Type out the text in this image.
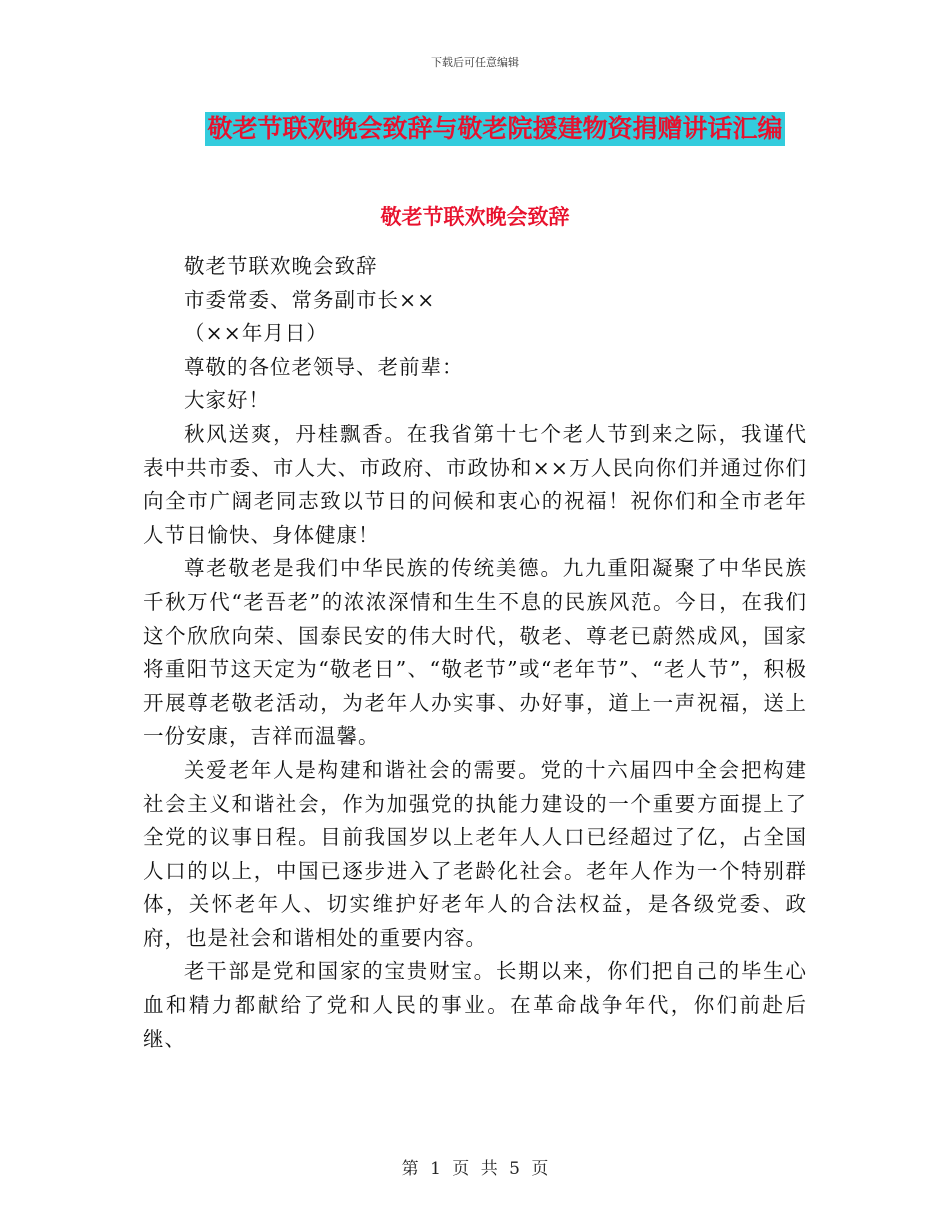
下载后可任意编辑
敬老节联欢晚会致辞与敬老院援建物资捐赠讲话汇编
敬老节联欢晚会致辞

敬老节联欢晚会致辞

市委常委、常务副市长××

（××年月日）

尊敬的各位老领导、老前辈：

大家好！

秋风送爽，丹桂飘香。在我省第十七个老人节到来之际，我谨代表中共市委、市人大、市政府、市政协和××万人民向你们并通过你们向全市广阔老同志致以节日的问候和衷心的祝福！祝你们和全市老年人节日愉快、身体健康！

尊老敬老是我们中华民族的传统美德。九九重阳凝聚了中华民族千秋万代“老吾老”的浓浓深情和生生不息的民族风范。今日，在我们这个欣欣向荣、国泰民安的伟大时代，敬老、尊老已蔚然成风，国家将重阳节这天定为“敬老日”、“敬老节”或“老年节”、“老人节”，积极开展尊老敬老活动，为老年人办实事、办好事，道上一声祝福，送上一份安康，吉祥而温馨。

关爱老年人是构建和谐社会的需要。党的十六届四中全会把构建社会主义和谐社会，作为加强党的执能力建设的一个重要方面提上了全党的议事日程。目前我国岁以上老年人人口已经超过了亿，占全国人口的以上，中国已逐步进入了老龄化社会。老年人作为一个特别群体，关怀老年人、切实维护好老年人的合法权益，是各级党委、政府，也是社会和谐相处的重要内容。

老干部是党和国家的宝贵财宝。长期以来，你们把自己的毕生心血和精力都献给了党和人民的事业。在革命战争年代，你们前赴后继、

第 1 页 共 5 页
